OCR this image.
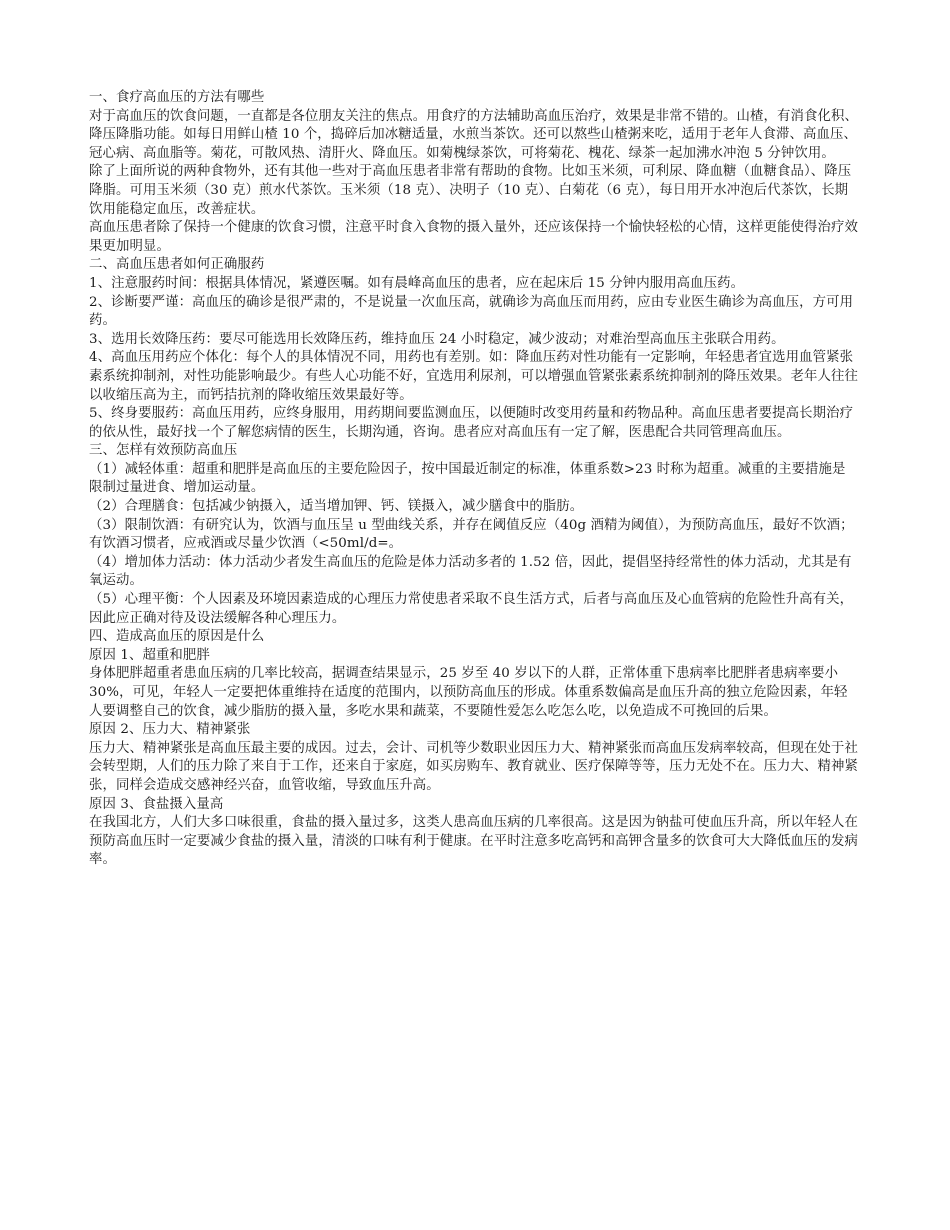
一、食疗高血压的方法有哪些

对于高血压的饮食问题，一直都是各位朋友关注的焦点。用食疗的方法辅助高血压治疗，效果是非常不错的。山楂，有消食化积、降压降脂功能。如每日用鲜山楂 10 个，捣碎后加冰糖适量，水煎当茶饮。还可以熬些山楂粥来吃，适用于老年人食滞、高血压、冠心病、高血脂等。菊花，可散风热、清肝火、降血压。如菊槐绿茶饮，可将菊花、槐花、绿茶一起加沸水冲泡 5 分钟饮用。

除了上面所说的两种食物外，还有其他一些对于高血压患者非常有帮助的食物。比如玉米须，可利尿、降血糖（血糖食品）、降压降脂。可用玉米须（30 克）煎水代茶饮。玉米须（18 克）、决明子（10 克）、白菊花（6 克），每日用开水冲泡后代茶饮，长期饮用能稳定血压，改善症状。

高血压患者除了保持一个健康的饮食习惯，注意平时食入食物的摄入量外，还应该保持一个愉快轻松的心情，这样更能使得治疗效果更加明显。

二、高血压患者如何正确服药

1、注意服药时间：根据具体情况，紧遵医嘱。如有晨峰高血压的患者，应在起床后 15 分钟内服用高血压药。

2、诊断要严谨：高血压的确诊是很严肃的，不是说量一次血压高，就确诊为高血压而用药，应由专业医生确诊为高血压，方可用药。

3、选用长效降压药：要尽可能选用长效降压药，维持血压 24 小时稳定，减少波动；对难治型高血压主张联合用药。

4、高血压用药应个体化：每个人的具体情况不同，用药也有差别。如：降血压药对性功能有一定影响，年轻患者宜选用血管紧张素系统抑制剂，对性功能影响最少。有些人心功能不好，宜选用利尿剂，可以增强血管紧张素系统抑制剂的降压效果。老年人往往以收缩压高为主，而钙拮抗剂的降收缩压效果最好等。

5、终身要服药：高血压用药，应终身服用，用药期间要监测血压，以便随时改变用药量和药物品种。高血压患者要提高长期治疗的依从性，最好找一个了解您病情的医生，长期沟通，咨询。患者应对高血压有一定了解，医患配合共同管理高血压。

三、怎样有效预防高血压

（1）减轻体重：超重和肥胖是高血压的主要危险因子，按中国最近制定的标准，体重系数>23 时称为超重。减重的主要措施是限制过量进食、增加运动量。

（2）合理膳食：包括减少钠摄入，适当增加钾、钙、镁摄入，减少膳食中的脂肪。

（3）限制饮酒：有研究认为，饮酒与血压呈 u 型曲线关系，并存在阈值反应（40g 酒精为阈值），为预防高血压，最好不饮酒；有饮酒习惯者，应戒酒或尽量少饮酒（<50ml/d=。

（4）增加体力活动：体力活动少者发生高血压的危险是体力活动多者的 1.52 倍，因此，提倡坚持经常性的体力活动，尤其是有氧运动。

（5）心理平衡：个人因素及环境因素造成的心理压力常使患者采取不良生活方式，后者与高血压及心血管病的危险性升高有关，因此应正确对待及设法缓解各种心理压力。

四、造成高血压的原因是什么

原因 1、超重和肥胖

身体肥胖超重者患血压病的几率比较高，据调查结果显示，25 岁至 40 岁以下的人群，正常体重下患病率比肥胖者患病率要小 30%，可见，年轻人一定要把体重维持在适度的范围内，以预防高血压的形成。体重系数偏高是血压升高的独立危险因素，年轻人要调整自己的饮食，减少脂肪的摄入量，多吃水果和蔬菜，不要随性爱怎么吃怎么吃，以免造成不可挽回的后果。

原因 2、压力大、精神紧张

压力大、精神紧张是高血压最主要的成因。过去，会计、司机等少数职业因压力大、精神紧张而高血压发病率较高，但现在处于社会转型期，人们的压力除了来自于工作，还来自于家庭，如买房购车、教育就业、医疗保障等等，压力无处不在。压力大、精神紧张，同样会造成交感神经兴奋，血管收缩，导致血压升高。

原因 3、食盐摄入量高

在我国北方，人们大多口味很重，食盐的摄入量过多，这类人患高血压病的几率很高。这是因为钠盐可使血压升高，所以年轻人在预防高血压时一定要减少食盐的摄入量，清淡的口味有利于健康。在平时注意多吃高钙和高钾含量多的饮食可大大降低血压的发病率。
